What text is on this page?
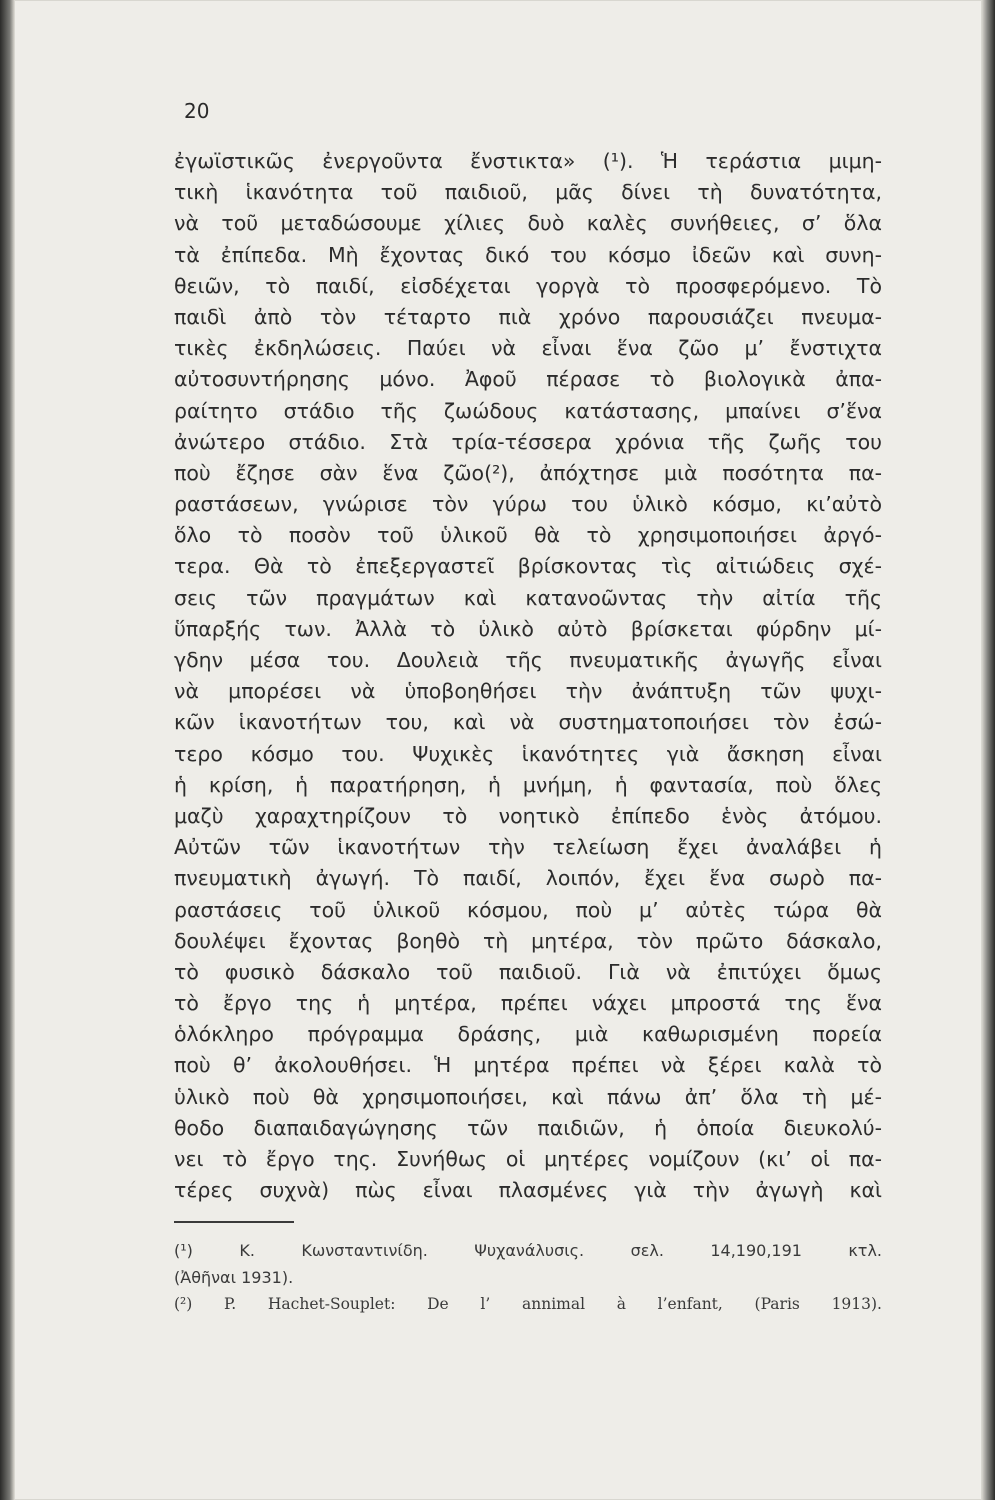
20
ἐγωϊστικῶς ἐνεργοῦντα ἔνστικτα» (¹). Ἡ τεράστια μιμη-
τικὴ ἱκανότητα τοῦ παιδιοῦ, μᾶς δίνει τὴ δυνατότητα,
νὰ τοῦ μεταδώσουμε χίλιες δυὸ καλὲς συνήθειες, σ’ ὅλα
τὰ ἐπίπεδα. Μὴ ἔχοντας δικό του κόσμο ἰδεῶν καὶ συνη-
θειῶν, τὸ παιδί, εἰσδέχεται γοργὰ τὸ προσφερόμενο. Τὸ
παιδὶ ἀπὸ τὸν τέταρτο πιὰ χρόνο παρουσιάζει πνευμα-
τικὲς ἐκδηλώσεις. Παύει νὰ εἶναι ἕνα ζῶο μ’ ἔνστιχτα
αὐτοσυντήρησης μόνο. Ἀφοῦ πέρασε τὸ βιολογικὰ ἀπα-
ραίτητο στάδιο τῆς ζωώδους κατάστασης, μπαίνει σ’ἕνα
ἀνώτερο στάδιο. Στὰ τρία-τέσσερα χρόνια τῆς ζωῆς του
ποὺ ἔζησε σὰν ἕνα ζῶο(²), ἀπόχτησε μιὰ ποσότητα πα-
ραστάσεων, γνώρισε τὸν γύρω του ὑλικὸ κόσμο, κι’αὐτὸ
ὅλο τὸ ποσὸν τοῦ ὑλικοῦ θὰ τὸ χρησιμοποιήσει ἀργό-
τερα. Θὰ τὸ ἐπεξεργαστεῖ βρίσκοντας τὶς αἰτιώδεις σχέ-
σεις τῶν πραγμάτων καὶ κατανοῶντας τὴν αἰτία τῆς
ὕπαρξής των. Ἀλλὰ τὸ ὑλικὸ αὐτὸ βρίσκεται φύρδην μί-
γδην μέσα του. Δουλειὰ τῆς πνευματικῆς ἀγωγῆς εἶναι
νὰ μπορέσει νὰ ὑποβοηθήσει τὴν ἀνάπτυξη τῶν ψυχι-
κῶν ἱκανοτήτων του, καὶ νὰ συστηματοποιήσει τὸν ἐσώ-
τερο κόσμο του. Ψυχικὲς ἱκανότητες γιὰ ἄσκηση εἶναι
ἡ κρίση, ἡ παρατήρηση, ἡ μνήμη, ἡ φαντασία, ποὺ ὅλες
μαζὺ χαραχτηρίζουν τὸ νοητικὸ ἐπίπεδο ἑνὸς ἀτόμου.
Αὐτῶν τῶν ἱκανοτήτων τὴν τελείωση ἔχει ἀναλάβει ἡ
πνευματικὴ ἀγωγή. Τὸ παιδί, λοιπόν, ἔχει ἕνα σωρὸ πα-
ραστάσεις τοῦ ὑλικοῦ κόσμου, ποὺ μ’ αὐτὲς τώρα θὰ
δουλέψει ἔχοντας βοηθὸ τὴ μητέρα, τὸν πρῶτο δάσκαλο,
τὸ φυσικὸ δάσκαλο τοῦ παιδιοῦ. Γιὰ νὰ ἐπιτύχει ὅμως
τὸ ἔργο της ἡ μητέρα, πρέπει νάχει μπροστά της ἕνα
ὁλόκληρο πρόγραμμα δράσης, μιὰ καθωρισμένη πορεία
ποὺ θ’ ἀκολουθήσει. Ἡ μητέρα πρέπει νὰ ξέρει καλὰ τὸ
ὑλικὸ ποὺ θὰ χρησιμοποιήσει, καὶ πάνω ἀπ’ ὅλα τὴ μέ-
θοδο διαπαιδαγώγησης τῶν παιδιῶν, ἡ ὁποία διευκολύ-
νει τὸ ἔργο της. Συνήθως οἱ μητέρες νομίζουν (κι’ οἱ πα-
τέρες συχνὰ) πὼς εἶναι πλασμένες γιὰ τὴν ἀγωγὴ καὶ
(¹) Κ. Κωνσταντινίδη. Ψυχανάλυσις. σελ. 14,190,191 κτλ.
(Ἀθῆναι 1931).
(²) P. Hachet-Souplet: De l’ annimal à l’enfant, (Paris 1913).
